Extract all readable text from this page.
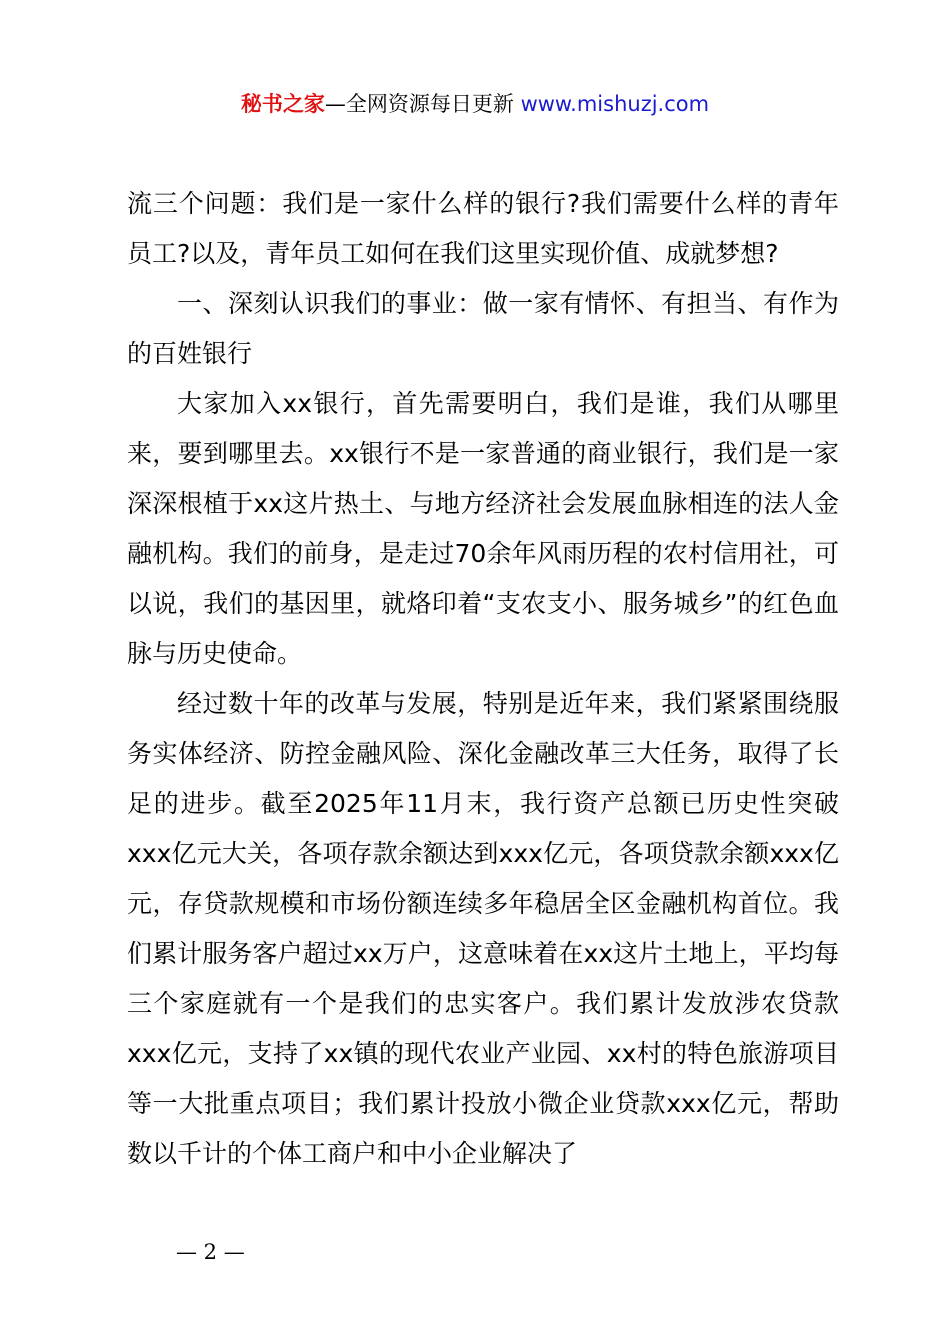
秘书之家—全网资源每日更新 www.mishuzj.com

流三个问题：我们是一家什么样的银行?我们需要什么样的青年员工?以及，青年员工如何在我们这里实现价值、成就梦想?

一、深刻认识我们的事业：做一家有情怀、有担当、有作为的百姓银行

大家加入xx银行，首先需要明白，我们是谁，我们从哪里来，要到哪里去。xx银行不是一家普通的商业银行，我们是一家深深根植于xx这片热土、与地方经济社会发展血脉相连的法人金融机构。我们的前身，是走过70余年风雨历程的农村信用社，可以说，我们的基因里，就烙印着“支农支小、服务城乡”的红色血脉与历史使命。

经过数十年的改革与发展，特别是近年来，我们紧紧围绕服务实体经济、防控金融风险、深化金融改革三大任务，取得了长足的进步。截至2025年11月末，我行资产总额已历史性突破xxx亿元大关，各项存款余额达到xxx亿元，各项贷款余额xxx亿元，存贷款规模和市场份额连续多年稳居全区金融机构首位。我们累计服务客户超过xx万户，这意味着在xx这片土地上，平均每三个家庭就有一个是我们的忠实客户。我们累计发放涉农贷款xxx亿元，支持了xx镇的现代农业产业园、xx村的特色旅游项目等一大批重点项目；我们累计投放小微企业贷款xxx亿元，帮助数以千计的个体工商户和中小企业解决了

— 2 —
